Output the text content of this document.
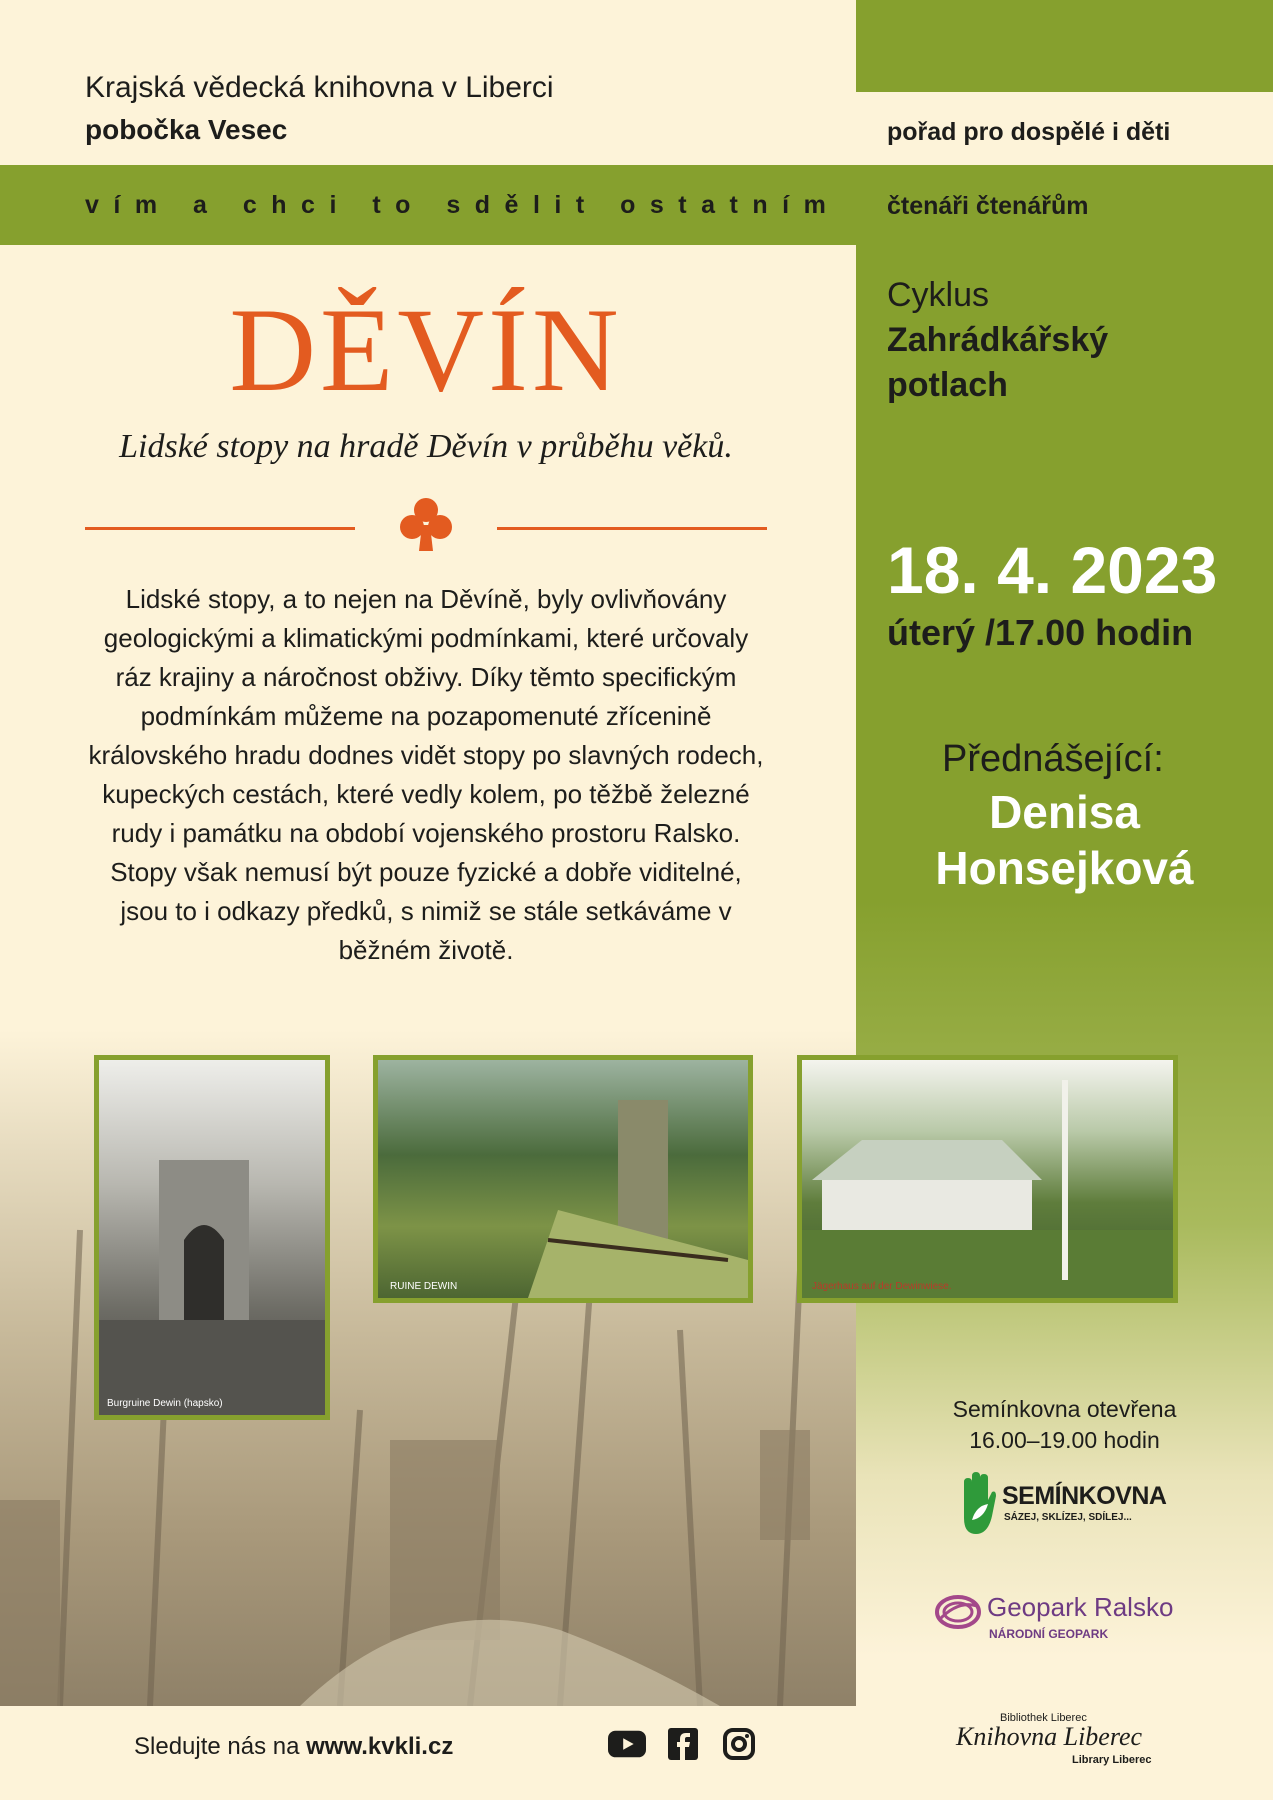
Krajská vědecká knihovna v Liberci
pobočka Vesec	pořad pro dospělé i děti
vím a chci to sdělit ostatním čtenáři čtenářům
Cyklus
Zahrádkářský
potlach
18. 4. 2023
úterý /17.00 hodin
Přednášející:
Denisa
Honsejková
DĚVÍN
Lidské stopy na hradě Děvín v průběhu věků.

Lidské stopy, a to nejen na Děvíně, byly ovlivňovány geologickými a klimatickými podmínkami, které určovaly ráz krajiny a náročnost obživy. Díky těmto specifickým podmínkám můžeme na pozapomenuté zřícenině královského hradu dodnes vidět stopy po slavných rodech, kupeckých cestách, které vedly kolem, po těžbě železné rudy i památku na období vojenského prostoru Ralsko.

Stopy však nemusí být pouze fyzické a dobře viditelné, jsou to i odkazy předků, s nimiž se stále setkáváme v běžném životě.

Burgruine Dewin (hapsko)
RUINE DEWIN	Jägerhaus auf der Dewinwiese.
Semínkovna otevřena
16.00–19.00 hodin
SEMÍNKOVNA
SÁZEJ, SKLÍZEJ, SDÍLEJ...
Geopark Ralsko
NÁRODNÍ GEOPARK
Sledujte nás na www.kvkli.cz
Bibliothek Liberec
Knihovna Liberec
Library Liberec
